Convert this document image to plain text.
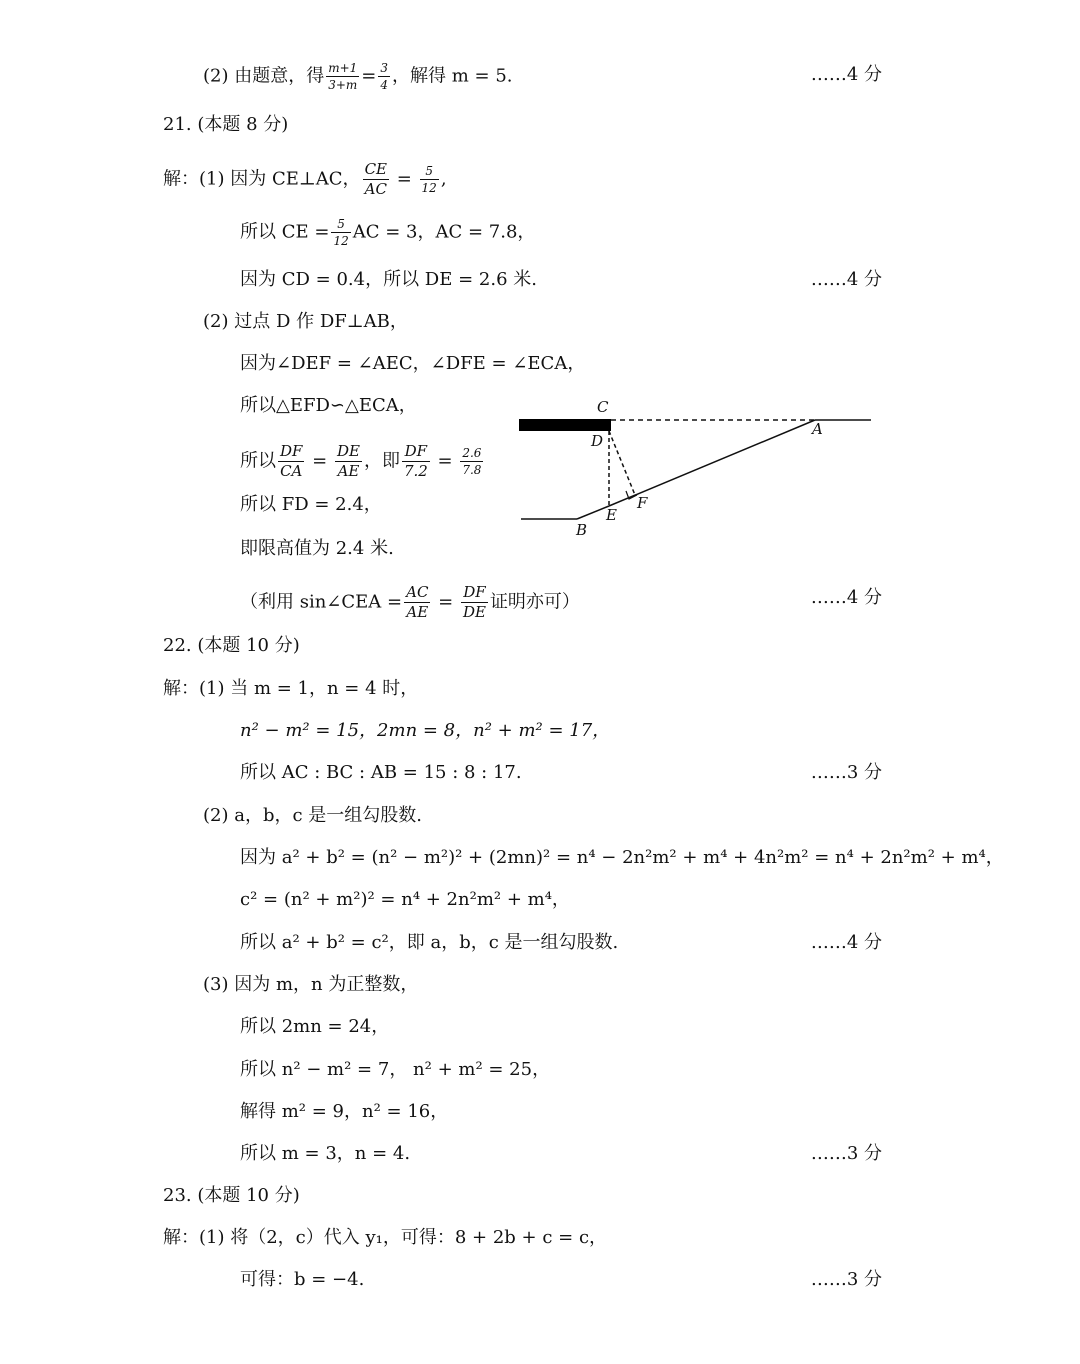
(2) 由题意，得 $\frac{m+1}{3+m} = \frac{3}{4}$ ，解得 m = 5.	……4 分
21. (本题 8 分)
解：(1) 因为 CE⊥AC， $\frac{CE}{AC} = \frac{5}{12}$ ,
所以 CE = $\frac{5}{12}$ AC = 3，AC = 7.8，
因为 CD = 0.4，所以 DE = 2.6 米.	……4 分
(2) 过点 D 作 DF⊥AB，
因为∠DEF = ∠AEC，∠DFE = ∠ECA，
所以△EFD∽△ECA，
所以 $\frac{DF}{CA} = \frac{DE}{AE}$ ，即 $\frac{DF}{7.2} = \frac{2.6}{7.8}$
所以 FD = 2.4，
即限高值为 2.4 米.
（利用 sin∠CEA = $\frac{AC}{AE} = \frac{DF}{DE}$ 证明亦可）	……4 分
C
D
A
E
F
B
22. (本题 10 分)
解：(1) 当 m = 1，n = 4 时，
n² − m² = 15，2mn = 8，n² + m² = 17，
所以 AC : BC : AB = 15 : 8 : 17.	……3 分
(2) a，b，c 是一组勾股数.
因为 a² + b² = (n² − m²)² + (2mn)² = n⁴ − 2n²m² + m⁴ + 4n²m² = n⁴ + 2n²m² + m⁴，
c² = (n² + m²)² = n⁴ + 2n²m² + m⁴，
所以 a² + b² = c²，即 a，b，c 是一组勾股数.	……4 分
(3) 因为 m，n 为正整数，
所以 2mn = 24，
所以 n² − m² = 7， n² + m² = 25，
解得 m² = 9，n² = 16，
所以 m = 3，n = 4.	……3 分
23. (本题 10 分)
解：(1) 将（2，c）代入 y₁，可得：8 + 2b + c = c，
可得：b = −4.	……3 分
